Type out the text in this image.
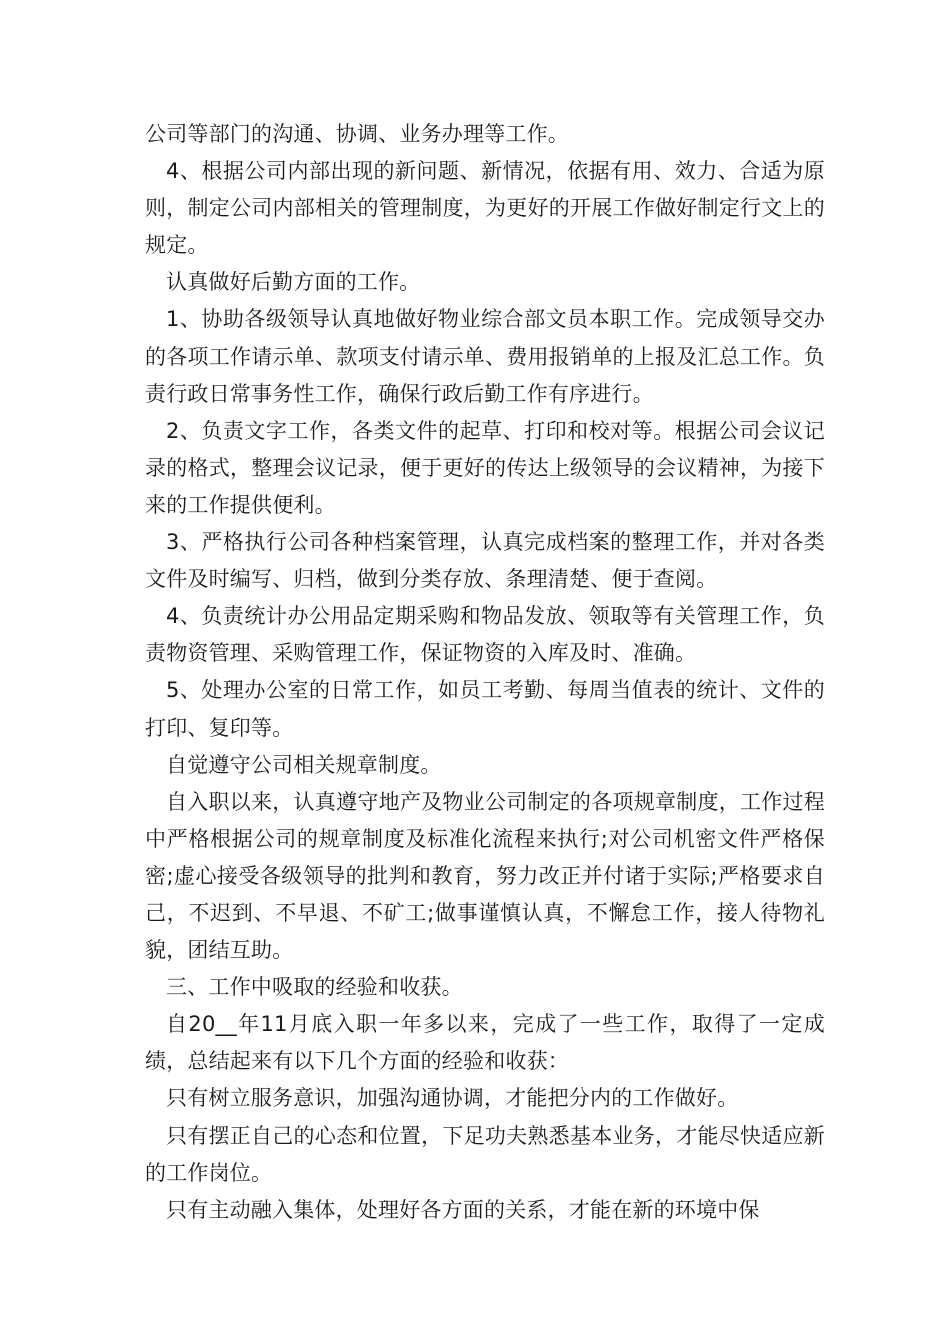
公司等部门的沟通、协调、业务办理等工作。

4、根据公司内部出现的新问题、新情况，依据有用、效力、合适为原则，制定公司内部相关的管理制度，为更好的开展工作做好制定行文上的规定。

认真做好后勤方面的工作。

1、协助各级领导认真地做好物业综合部文员本职工作。完成领导交办的各项工作请示单、款项支付请示单、费用报销单的上报及汇总工作。负责行政日常事务性工作，确保行政后勤工作有序进行。

2、负责文字工作，各类文件的起草、打印和校对等。根据公司会议记录的格式，整理会议记录，便于更好的传达上级领导的会议精神，为接下来的工作提供便利。

3、严格执行公司各种档案管理，认真完成档案的整理工作，并对各类文件及时编写、归档，做到分类存放、条理清楚、便于查阅。

4、负责统计办公用品定期采购和物品发放、领取等有关管理工作，负责物资管理、采购管理工作，保证物资的入库及时、准确。

5、处理办公室的日常工作，如员工考勤、每周当值表的统计、文件的打印、复印等。

自觉遵守公司相关规章制度。

自入职以来，认真遵守地产及物业公司制定的各项规章制度，工作过程中严格根据公司的规章制度及标准化流程来执行;对公司机密文件严格保密;虚心接受各级领导的批判和教育，努力改正并付诸于实际;严格要求自己，不迟到、不早退、不矿工;做事谨慎认真，不懈怠工作，接人待物礼貌，团结互助。

三、工作中吸取的经验和收获。

自20__年11月底入职一年多以来，完成了一些工作，取得了一定成绩，总结起来有以下几个方面的经验和收获：

只有树立服务意识，加强沟通协调，才能把分内的工作做好。

只有摆正自己的心态和位置，下足功夫熟悉基本业务，才能尽快适应新的工作岗位。

只有主动融入集体，处理好各方面的关系，才能在新的环境中保
